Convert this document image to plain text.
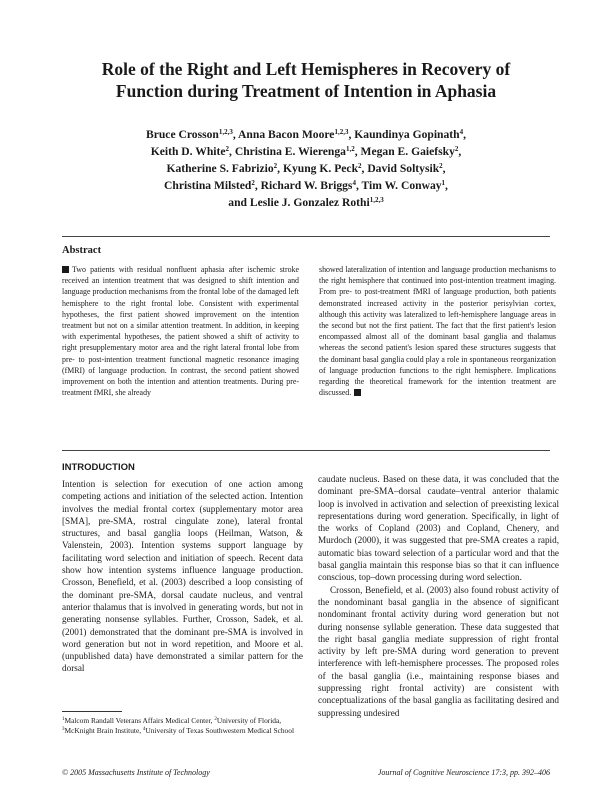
Role of the Right and Left Hemispheres in Recovery of
Function during Treatment of Intention in Aphasia
Bruce Crosson$^{1,2,3}$, Anna Bacon Moore$^{1,2,3}$, Kaundinya Gopinath$^4$,
Keith D. White$^2$, Christina E. Wierenga$^{1,2}$, Megan E. Gaiefsky$^2$,
Katherine S. Fabrizio$^2$, Kyung K. Peck$^2$, David Soltysik$^2$,
Christina Milsted$^2$, Richard W. Briggs$^4$, Tim W. Conway$^1$,
and Leslie J. Gonzalez Rothi$^{1,2,3}$
Abstract
Two patients with residual nonfluent aphasia after ischemic stroke received an intention treatment that was designed to shift intention and language production mechanisms from the frontal lobe of the damaged left hemisphere to the right frontal lobe. Consistent with experimental hypotheses, the first patient showed improvement on the intention treatment but not on a similar attention treatment. In addition, in keeping with experimental hypotheses, the patient showed a shift of activity to right presupplementary motor area and the right lateral frontal lobe from pre- to post-intention treatment functional magnetic resonance imaging (fMRI) of language production. In contrast, the second patient showed improvement on both the intention and attention treatments. During pre-treatment fMRI, she already
showed lateralization of intention and language production mechanisms to the right hemisphere that continued into post-intention treatment imaging. From pre- to post-treatment fMRI of language production, both patients demonstrated increased activity in the posterior perisylvian cortex, although this activity was lateralized to left-hemisphere language areas in the second but not the first patient. The fact that the first patient's lesion encompassed almost all of the dominant basal ganglia and thalamus whereas the second patient's lesion spared these structures suggests that the dominant basal ganglia could play a role in spontaneous reorganization of language production functions to the right hemisphere. Implications regarding the theoretical framework for the intention treatment are discussed.
INTRODUCTION

Intention is selection for execution of one action among competing actions and initiation of the selected action. Intention involves the medial frontal cortex (supplementary motor area [SMA], pre-SMA, rostral cingulate zone), lateral frontal structures, and basal ganglia loops (Heilman, Watson, & Valenstein, 2003). Intention systems support language by facilitating word selection and initiation of speech. Recent data show how intention systems influence language production. Crosson, Benefield, et al. (2003) described a loop consisting of the dominant pre-SMA, dorsal caudate nucleus, and ventral anterior thalamus that is involved in generating words, but not in generating nonsense syllables. Further, Crosson, Sadek, et al. (2001) demonstrated that the dominant pre-SMA is involved in word generation but not in word repetition, and Moore et al. (unpublished data) have demonstrated a similar pattern for the dorsal

caudate nucleus. Based on these data, it was concluded that the dominant pre-SMA–dorsal caudate–ventral anterior thalamic loop is involved in activation and selection of preexisting lexical representations during word generation. Specifically, in light of the works of Copland (2003) and Copland, Chenery, and Murdoch (2000), it was suggested that pre-SMA creates a rapid, automatic bias toward selection of a particular word and that the basal ganglia maintain this response bias so that it can influence conscious, top–down processing during word selection.

Crosson, Benefield, et al. (2003) also found robust activity of the nondominant basal ganglia in the absence of significant nondominant frontal activity during word generation but not during nonsense syllable generation. These data suggested that the right basal ganglia mediate suppression of right frontal activity by left pre-SMA during word generation to prevent interference with left-hemisphere processes. The proposed roles of the basal ganglia (i.e., maintaining response biases and suppressing right frontal activity) are consistent with conceptualizations of the basal ganglia as facilitating desired and suppressing undesired

$^1$Malcom Randall Veterans Affairs Medical Center, $^2$University of Florida, $^3$McKnight Brain Institute, $^4$University of Texas Southwestern Medical School
© 2005 Massachusetts Institute of Technology	Journal of Cognitive Neuroscience 17:3, pp. 392–406
